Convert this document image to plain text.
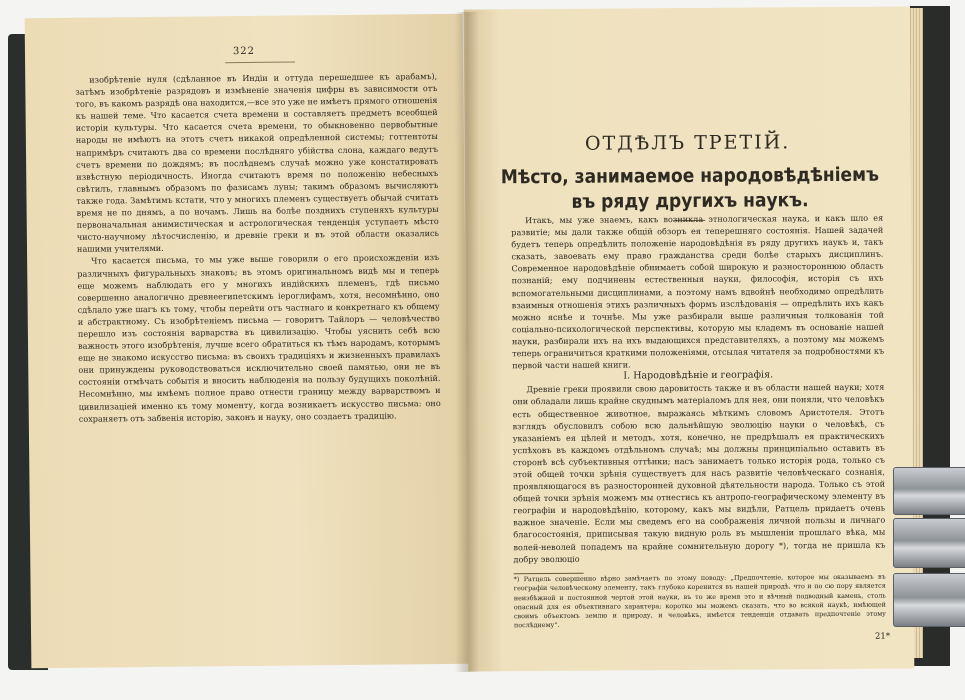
322

изобрѣтеніе нуля (сдѣланное въ Индіи и оттуда перешедшее къ арабамъ), затѣмъ изобрѣтеніе разрядовъ и измѣненіе значенія цифры въ зависимости отъ того, въ какомъ разрядѣ она находится,—все это уже не имѣетъ прямого отношенія къ нашей теме. Что касается счета времени и составляетъ предметъ всеобщей исторіи культуры. Что касается счета времени, то обыкновенно первобытные народы не имѣютъ на этотъ счетъ никакой опредѣленной системы; готтентоты напримѣръ считаютъ два со времени послѣдняго убійства слона, каждаго ведутъ счетъ времени по дождямъ; въ послѣднемъ случаѣ можно уже констатировать извѣстную періодичность. Иногда считаютъ время по положенію небесныхъ свѣтилъ, главнымъ образомъ по фазисамъ луны; такимъ образомъ вычисляютъ также года. Замѣтимъ кстати, что у многихъ племенъ существуетъ обычай считать время не по днямъ, а по ночамъ. Лишь на болѣе позднихъ ступеняхъ культуры первоначальная анимистическая и астрологическая тенденція уступаетъ мѣсто чисто-научному лѣтосчисленію, и древніе греки и въ этой области оказались нашими учителями.

Что касается письма, то мы уже выше говорили о его происхожденіи изъ различныхъ фигуральныхъ знаковъ; въ этомъ оригинальномъ видѣ мы и теперь еще можемъ наблюдать его у многихъ индійскихъ племенъ, гдѣ письмо совершенно аналогично древнеегипетскимъ іероглифамъ, хотя, несомнѣнно, оно сдѣлало уже шагъ къ тому, чтобы перейти отъ частнаго и конкретнаго къ общему и абстрактному. Съ изобрѣтеніемъ письма — говоритъ Тайлоръ — человѣчество перешло изъ состоянія варварства въ цивилизацію. Чтобы уяснить себѣ всю важность этого изобрѣтенія, лучше всего обратиться къ тѣмъ народамъ, которымъ еще не знакомо искусство письма: въ своихъ традиціяхъ и жизненныхъ правилахъ они принуждены руководствоваться исключительно своей памятью, они не въ состояніи отмѣчать событія и вносить наблюденія на пользу будущихъ поколѣній. Несомнѣнно, мы имѣемъ полное право отнести границу между варварствомъ и цивилизаціей именно къ тому моменту, когда возникаетъ искусство письма: оно сохраняетъ отъ забвенія исторію, законъ и науку, оно создаетъ традицію.

ОТДѢЛЪ ТРЕТІЙ.
Мѣсто, занимаемое народовѣдѣніемъ въ ряду другихъ наукъ.

Итакъ, мы уже знаемъ, какъ возникла этнологическая наука, и какъ шло ея развитіе; мы дали также общій обзоръ ея теперешняго состоянія. Нашей задачей будетъ теперь опредѣлить положеніе народовѣдѣнія въ ряду другихъ наукъ и, такъ сказать, завоевать ему право гражданства среди болѣе старыхъ дисциплинъ. Современное народовѣдѣніе обнимаетъ собой широкую и разностороннюю область познаній; ему подчинены естественныя науки, философія, исторія съ ихъ вспомогательными дисциплинами, а поэтому намъ вдвойнѣ необходимо опредѣлить взаимныя отношенія этихъ различныхъ формъ изслѣдованія — опредѣлить ихъ какъ можно яснѣе и точнѣе. Мы уже разбирали выше различныя толкованія той соціально-психологической перспективы, которую мы кладемъ въ основаніе нашей науки, разбирали ихъ на ихъ выдающихся представителяхъ, а поэтому мы можемъ теперь ограничиться краткими положеніями, отсылая читателя за подробностями къ первой части нашей книги.

I. Народовѣдѣніе и географія.

Древніе греки проявили свою даровитость также и въ области нашей науки; хотя они обладали лишь крайне скуднымъ матеріаломъ для нея, они поняли, что человѣкъ есть общественное животное, выражаясь мѣткимъ словомъ Аристотеля. Этотъ взглядъ обусловилъ собою всю дальнѣйшую эволюцію науки о человѣкѣ, съ указаніемъ ея цѣлей и методъ, хотя, конечно, не предрѣшалъ ея практическихъ успѣховъ въ каждомъ отдѣльномъ случаѣ; мы должны принципіально оставить въ сторонѣ всѣ субъективныя оттѣнки; насъ занимаетъ только исторія рода, только съ этой общей точки зрѣнія существуетъ для насъ развитіе человѣческаго сознанія, проявляющагося въ разносторонней духовной дѣятельности народа. Только съ этой общей точки зрѣнія можемъ мы отнестись къ антропо-географическому элементу въ географіи и народовѣдѣнію, которому, какъ мы видѣли, Ратцель придаетъ очень важное значеніе. Если мы сведемъ его на соображенія личной пользы и личнаго благосостоянія, приписывая такую видную роль въ мышленіи прошлаго вѣка, мы волей-неволей попадемъ на крайне сомнительную дорогу *), тогда не пришла къ добру эволюціо

*) Ратцель совершенно вѣрно замѣчаетъ по этому поводу: „Предпочтеніе, которое мы оказываемъ въ географіи человѣческому элементу, такъ глубоко коренится въ нашей природѣ, что и по сю пору является неизбѣжной и постоянной чертой этой науки, въ то же время это и вѣчный подводный камень, столь опасный для ея объективнаго характера; коротко мы можемъ сказать, что во всякой наукѣ, имѣющей своимъ объектомъ землю и природу, и человѣкъ, имѣется тенденція отдавать предпочтеніе этому послѣднему“.
21*
